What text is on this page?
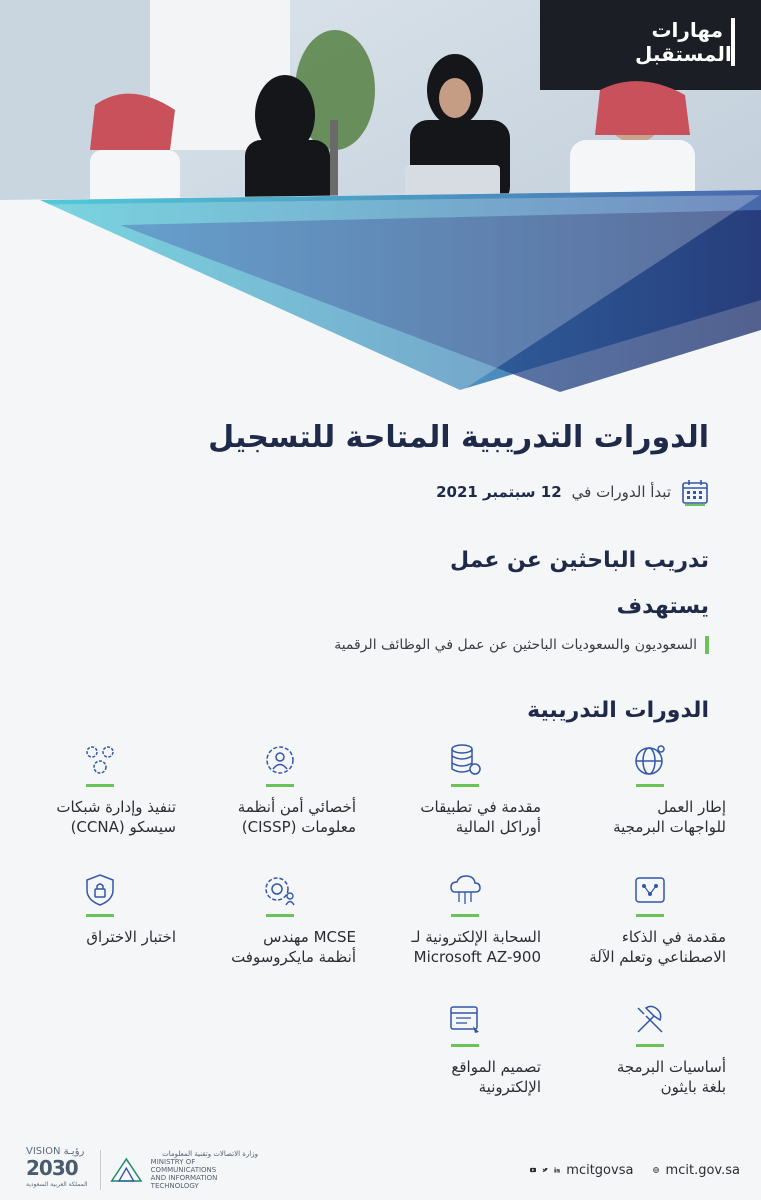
مهارات
المستقبل
الدورات التدريبية المتاحة للتسجيل
تبدأ الدورات في
12 سبتمبر 2021
تدريب الباحثين عن عمل
يستهدف
السعوديون والسعوديات الباحثين عن عمل في الوظائف الرقمية
الدورات التدريبية
إطار العمل
للواجهات البرمجية
مقدمة في تطبيقات
أوراكل المالية
أخصائي أمن أنظمة
معلومات (CISSP)
تنفيذ وإدارة شبكات
سيسكو (CCNA)
مقدمة في الذكاء
الاصطناعي وتعلم الآلة
السحابة الإلكترونية لـ
Microsoft AZ-900
MCSE مهندس
أنظمة مايكروسوفت
اختبار الاختراق
أساسيات البرمجة
بلغة بايثون
تصميم المواقع
الإلكترونية
VISION رؤيـة
2030
المملكة العربية السعودية
وزارة الاتصالات وتقنية المعلومات
MINISTRY OF COMMUNICATIONS
AND INFORMATION TECHNOLOGY
mcitgovsa mcit.gov.sa
